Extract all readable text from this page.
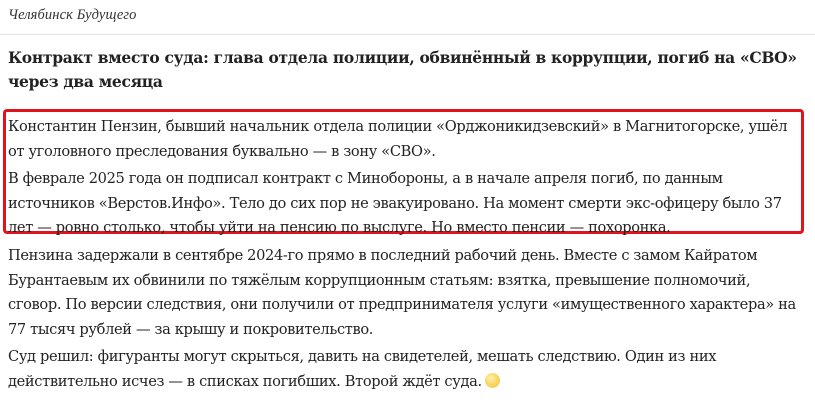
Челябинск Будущего
Контракт вместо суда: глава отдела полиции, обвинённый в коррупции, погиб на «СВО» через два месяца

Константин Пензин, бывший начальник отдела полиции «Орджоникидзевский» в Магнитогорске, ушёл от уголовного преследования буквально — в зону «СВО».

В феврале 2025 года он подписал контракт с Минобороны, а в начале апреля погиб, по данным источников «Верстов.Инфо». Тело до сих пор не эвакуировано. На момент смерти экс-офицеру было 37 лет — ровно столько, чтобы уйти на пенсию по выслуге. Но вместо пенсии — похоронка.

Пензина задержали в сентябре 2024-го прямо в последний рабочий день. Вместе с замом Кайратом Бурантаевым их обвинили по тяжёлым коррупционным статьям: взятка, превышение полномочий, сговор. По версии следствия, они получили от предпринимателя услуги «имущественного характера» на 77 тысяч рублей — за крышу и покровительство.

Суд решил: фигуранты могут скрыться, давить на свидетелей, мешать следствию. Один из них действительно исчез — в списках погибших. Второй ждёт суда.
